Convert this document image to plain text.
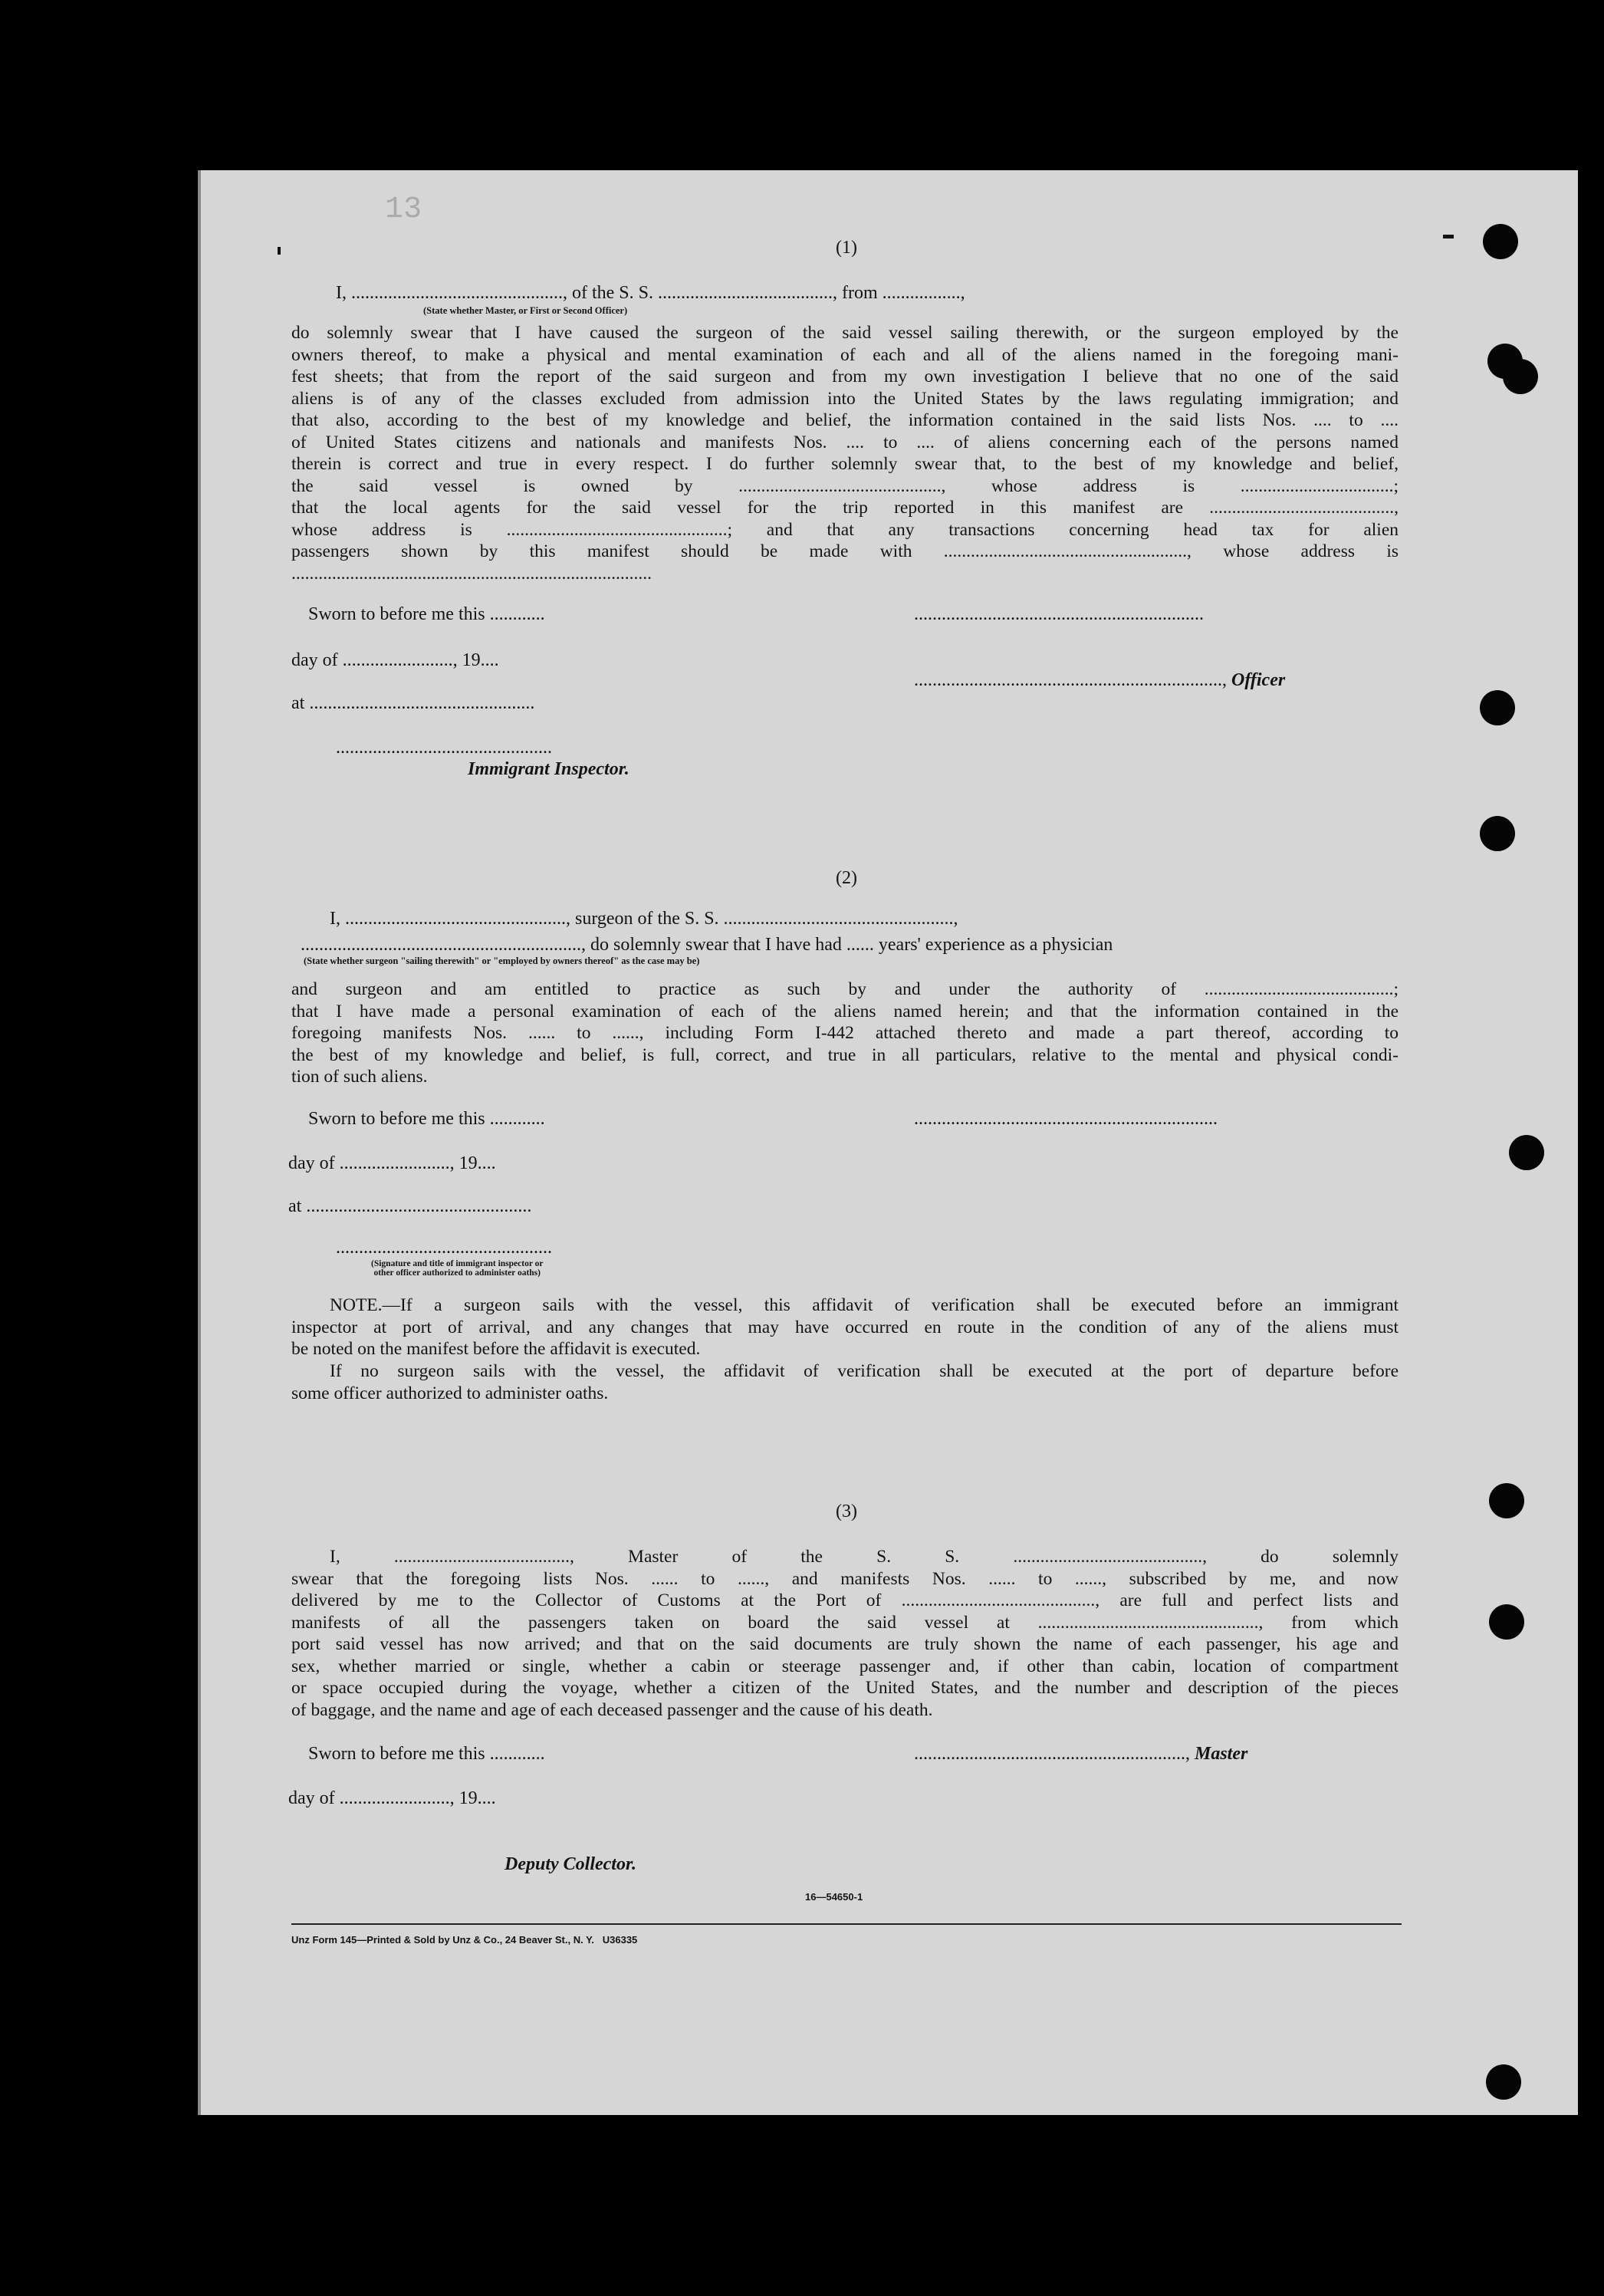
13
(1)
I, .............................................., of the S. S. ......................................, from .................,
(State whether Master, or First or Second Officer)
do solemnly swear that I have caused the surgeon of the said vessel sailing therewith, or the surgeon employed by the
owners thereof, to make a physical and mental examination of each and all of the aliens named in the foregoing mani-
fest sheets; that from the report of the said surgeon and from my own investigation I believe that no one of the said
aliens is of any of the classes excluded from admission into the United States by the laws regulating immigration; and
that also, according to the best of my knowledge and belief, the information contained in the said lists Nos. .... to ....
of United States citizens and nationals and manifests Nos. .... to .... of aliens concerning each of the persons named
therein is correct and true in every respect. I do further solemnly swear that, to the best of my knowledge and belief,
the said vessel is owned by ............................................., whose address is ..................................;
that the local agents for the said vessel for the trip reported in this manifest are .........................................,
whose address is .................................................; and that any transactions concerning head tax for alien
passengers shown by this manifest should be made with ......................................................, whose address is
................................................................................
Sworn to before me this ............	...............................................................
day of ........................, 19....
..................................................................., Officer
at .................................................
...............................................
Immigrant Inspector.
(2)
I, ................................................, surgeon of the S. S. ..................................................,
............................................................., do solemnly swear that I have had ...... years' experience as a physician
(State whether surgeon "sailing therewith" or "employed by owners thereof" as the case may be)
and surgeon and am entitled to practice as such by and under the authority of ..........................................;
that I have made a personal examination of each of the aliens named herein; and that the information contained in the
foregoing manifests Nos. ...... to ......, including Form I-442 attached thereto and made a part thereof, according to
the best of my knowledge and belief, is full, correct, and true in all particulars, relative to the mental and physical condi-
tion of such aliens.
Sworn to before me this ............	..................................................................
day of ........................, 19....
at .................................................
...............................................
(Signature and title of immigrant inspector or
other officer authorized to administer oaths)
NOTE.—If a surgeon sails with the vessel, this affidavit of verification shall be executed before an immigrant
inspector at port of arrival, and any changes that may have occurred en route in the condition of any of the aliens must
be noted on the manifest before the affidavit is executed.
If no surgeon sails with the vessel, the affidavit of verification shall be executed at the port of departure before
some officer authorized to administer oaths.
(3)
I, ......................................., Master of the S. S. .........................................., do solemnly
swear that the foregoing lists Nos. ...... to ......, and manifests Nos. ...... to ......, subscribed by me, and now
delivered by me to the Collector of Customs at the Port of ..........................................., are full and perfect lists and
manifests of all the passengers taken on board the said vessel at ................................................., from which
port said vessel has now arrived; and that on the said documents are truly shown the name of each passenger, his age and
sex, whether married or single, whether a cabin or steerage passenger and, if other than cabin, location of compartment
or space occupied during the voyage, whether a citizen of the United States, and the number and description of the pieces
of baggage, and the name and age of each deceased passenger and the cause of his death.
Sworn to before me this ............	..........................................................., Master
day of ........................, 19....
Deputy Collector.
16—54650-1
Unz Form 145—Printed & Sold by Unz & Co., 24 Beaver St., N. Y.   U36335
